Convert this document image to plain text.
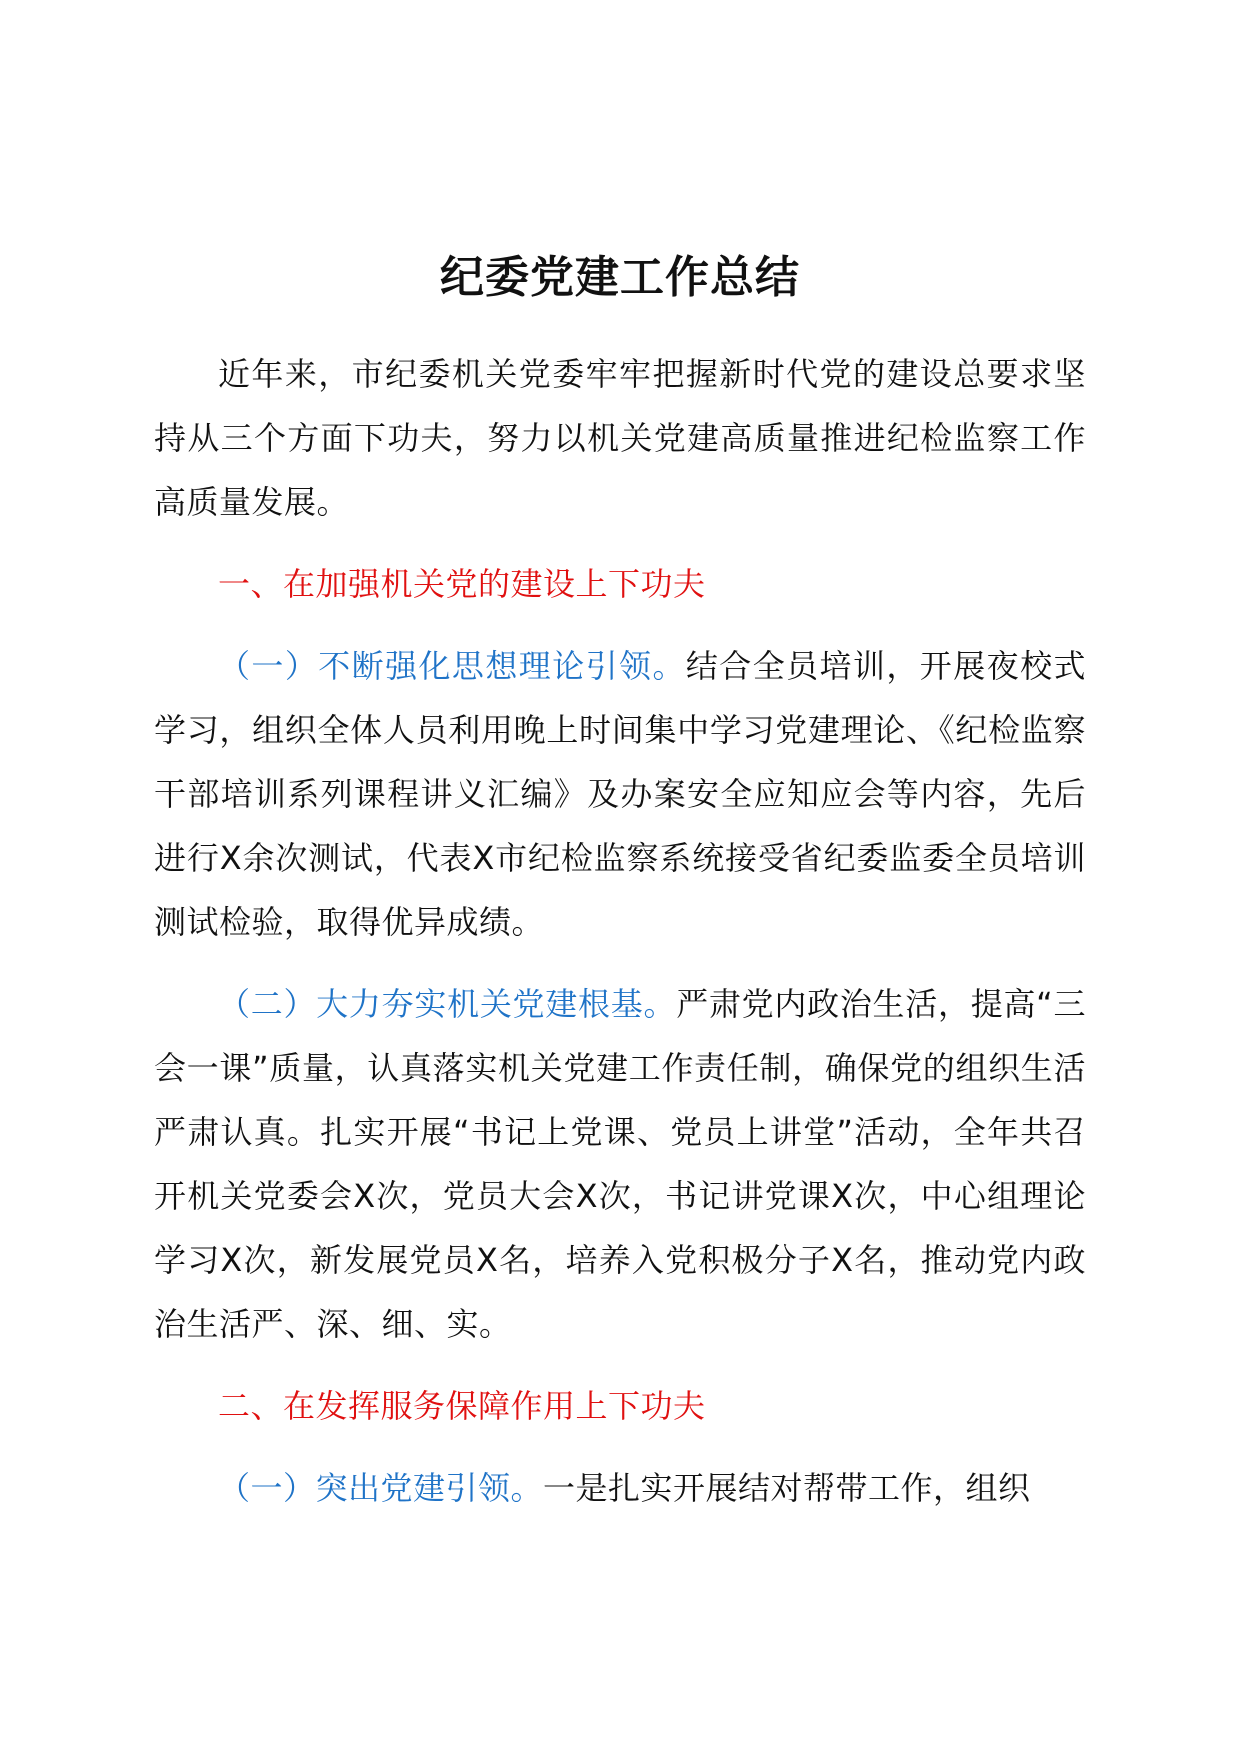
纪委党建工作总结

近年来，市纪委机关党委牢牢把握新时代党的建设总要求坚持从三个方面下功夫，努力以机关党建高质量推进纪检监察工作高质量发展。

一、在加强机关党的建设上下功夫

（一）不断强化思想理论引领。结合全员培训，开展夜校式学习，组织全体人员利用晚上时间集中学习党建理论、《纪检监察干部培训系列课程讲义汇编》及办案安全应知应会等内容，先后进行X余次测试，代表X市纪检监察系统接受省纪委监委全员培训测试检验，取得优异成绩。

（二）大力夯实机关党建根基。严肃党内政治生活，提高“三会一课”质量，认真落实机关党建工作责任制，确保党的组织生活严肃认真。扎实开展“书记上党课、党员上讲堂”活动，全年共召开机关党委会X次，党员大会X次，书记讲党课X次，中心组理论学习X次，新发展党员X名，培养入党积极分子X名，推动党内政治生活严、深、细、实。

二、在发挥服务保障作用上下功夫

（一）突出党建引领。一是扎实开展结对帮带工作，组织
